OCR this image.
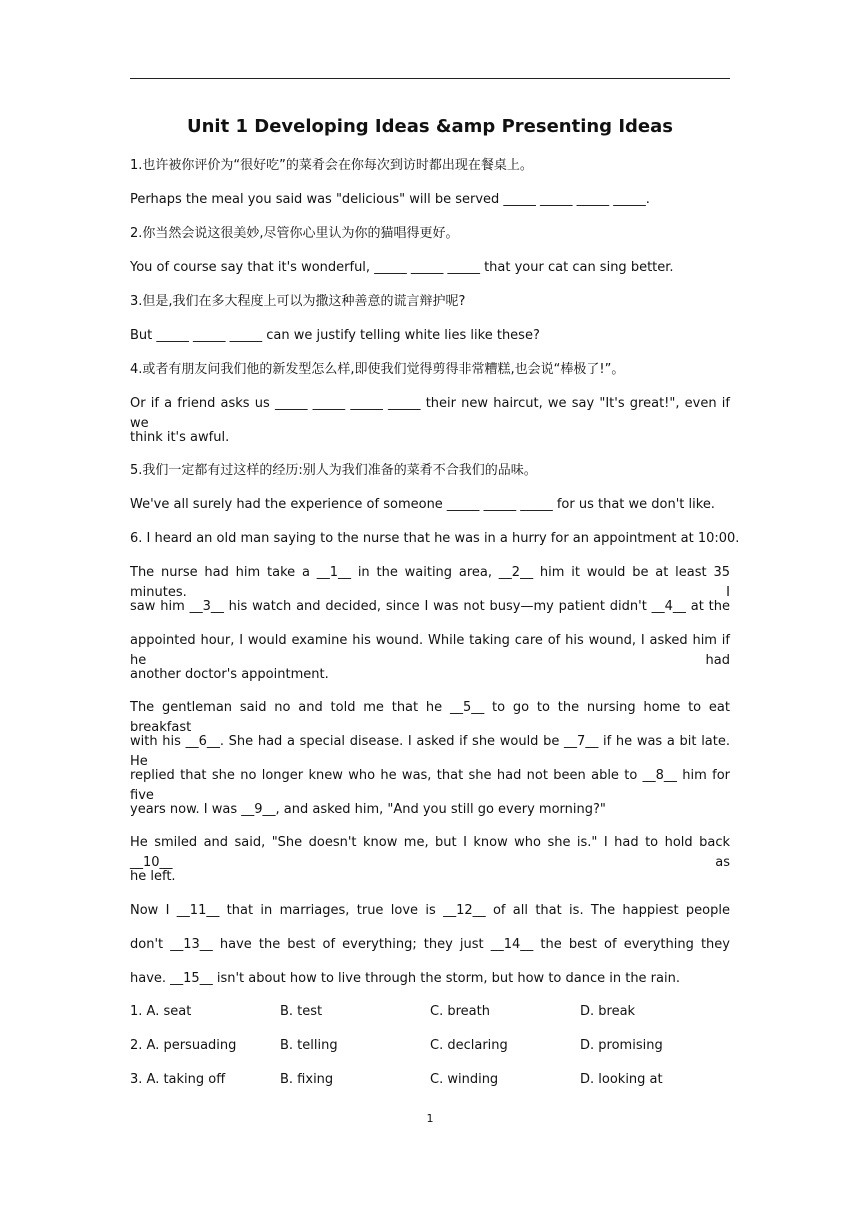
Unit 1 Developing Ideas &amp Presenting Ideas
1.也许被你评价为“很好吃”的菜肴会在你每次到访时都出现在餐桌上。
Perhaps the meal you said was "delicious" will be served _____ _____ _____ _____.
2.你当然会说这很美妙,尽管你心里认为你的猫唱得更好。
You of course say that it's wonderful, _____ _____ _____ that your cat can sing better.
3.但是,我们在多大程度上可以为撒这种善意的谎言辩护呢?
But _____ _____ _____ can we justify telling white lies like these?
4.或者有朋友问我们他的新发型怎么样,即使我们觉得剪得非常糟糕,也会说“棒极了!”。
Or if a friend asks us _____ _____ _____ _____ their new haircut, we say "It's great!", even if we
think it's awful.
5.我们一定都有过这样的经历:别人为我们准备的菜肴不合我们的品味。
We've all surely had the experience of someone _____ _____ _____ for us that we don't like.
6. I heard an old man saying to the nurse that he was in a hurry for an appointment at 10:00.
The nurse had him take a __1__ in the waiting area, __2__ him it would be at least 35 minutes. I
saw him __3__ his watch and decided, since I was not busy—my patient didn't __4__ at the
appointed hour, I would examine his wound. While taking care of his wound, I asked him if he had
another doctor's appointment.
The gentleman said no and told me that he __5__ to go to the nursing home to eat breakfast
with his __6__. She had a special disease. I asked if she would be __7__ if he was a bit late. He
replied that she no longer knew who he was, that she had not been able to __8__ him for five
years now. I was __9__, and asked him, "And you still go every morning?"
He smiled and said, "She doesn't know me, but I know who she is." I had to hold back __10__ as
he left.
Now I __11__ that in marriages, true love is __12__ of all that is. The happiest people
don't __13__ have the best of everything; they just __14__ the best of everything they
have. __15__ isn't about how to live through the storm, but how to dance in the rain.
1. A. seat	B. test	C. breath	D. break
2. A. persuading	B. telling	C. declaring	D. promising
3. A. taking off	B. fixing	C. winding	D. looking at
1
